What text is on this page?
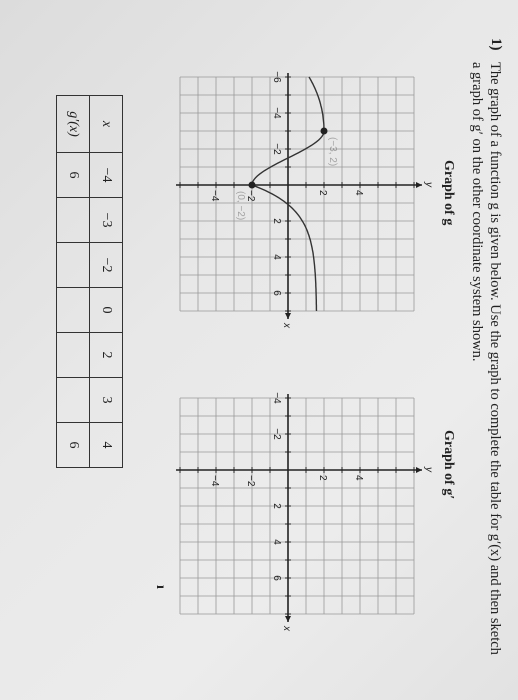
1)
The graph of a function g is given below. Use the graph to complete the table for g′(x) and then sketch a graph of g′ on the other coordinate system shown.
Graph of g
Graph of g′
−6
−4
−2
2
4
6
4
2
−2
−4
(−3, 2)
(0, −2)
x
y
−4
−2
2
4
6
4
2
−2
−4
x
y
x	−4	−3	−2	0	2	3	4
g′(x)	6						6
ı
